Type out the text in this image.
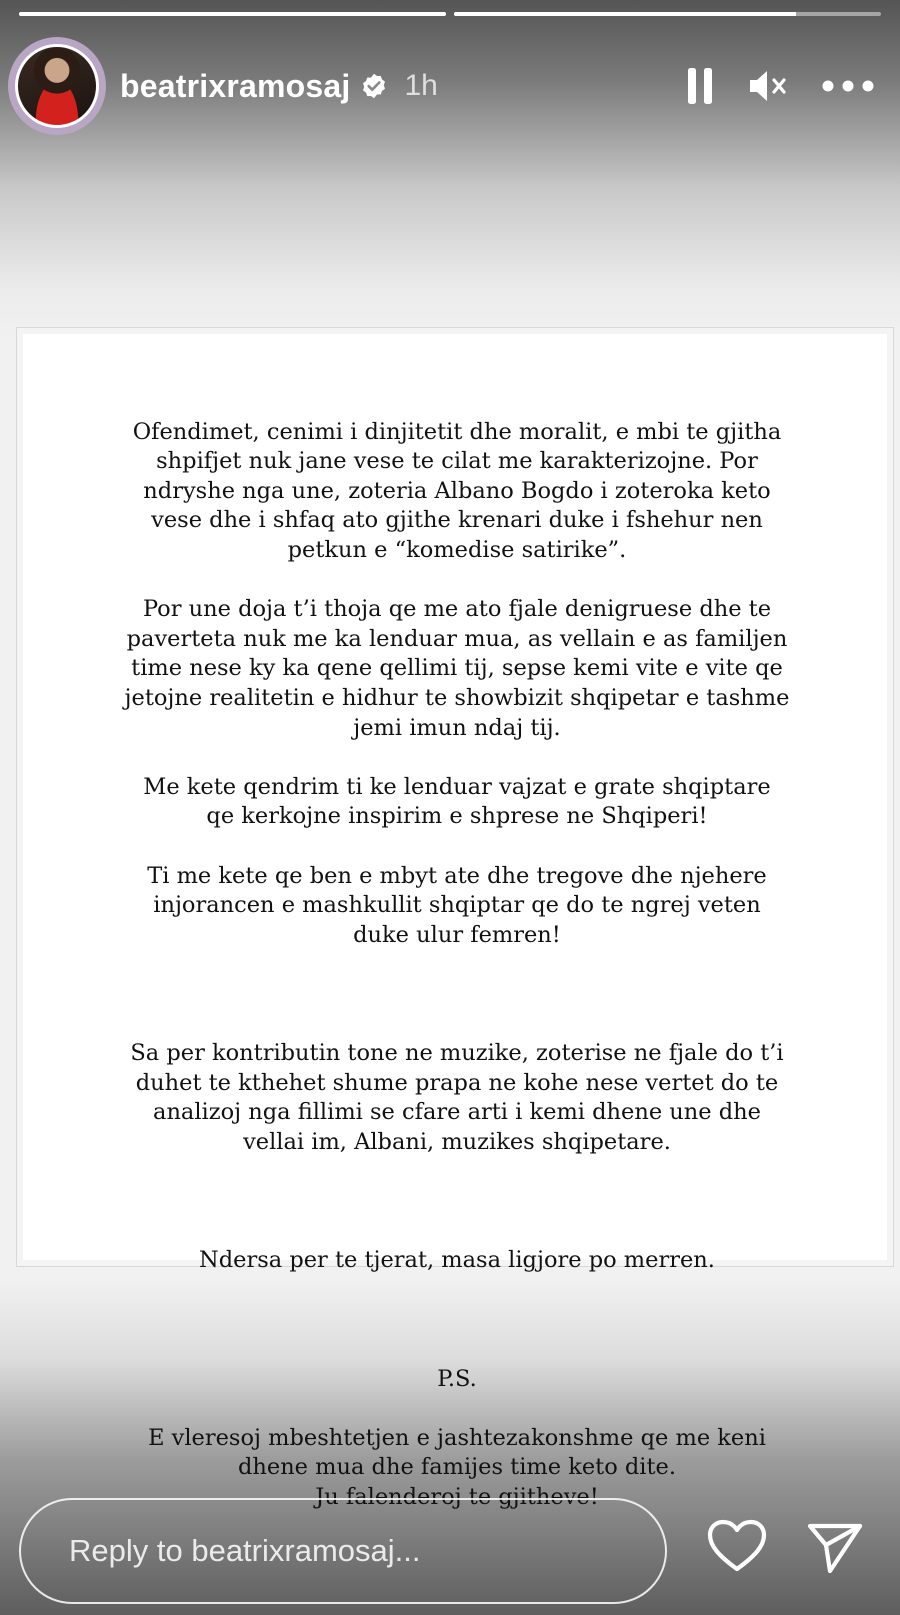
beatrixramosaj 1h

Ofendimet, cenimi i dinjitetit dhe moralit, e mbi te gjitha
shpifjet nuk jane vese te cilat me karakterizojne. Por
ndryshe nga une, zoteria Albano Bogdo i zoteroka keto
vese dhe i shfaq ato gjithe krenari duke i fshehur nen
petkun e “komedise satirike”.

Por une doja t’i thoja qe me ato fjale denigruese dhe te
paverteta nuk me ka lenduar mua, as vellain e as familjen
time nese ky ka qene qellimi tij, sepse kemi vite e vite qe
jetojne realitetin e hidhur te showbizit shqipetar e tashme
jemi imun ndaj tij.

Me kete qendrim ti ke lenduar vajzat e grate shqiptare
qe kerkojne inspirim e shprese ne Shqiperi!

Ti me kete qe ben e mbyt ate dhe tregove dhe njehere
injorancen e mashkullit shqiptar qe do te ngrej veten
duke ulur femren!

Sa per kontributin tone ne muzike, zoterise ne fjale do t’i
duhet te kthehet shume prapa ne kohe nese vertet do te
analizoj nga fillimi se cfare arti i kemi dhene une dhe
vellai im, Albani, muzikes shqipetare.

Ndersa per te tjerat, masa ligjore po merren.

P.S.

E vleresoj mbeshtetjen e jashtezakonshme qe me keni
dhene mua dhe famijes time keto dite.
Ju falenderoj te gjitheve!

Reply to beatrixramosaj...
